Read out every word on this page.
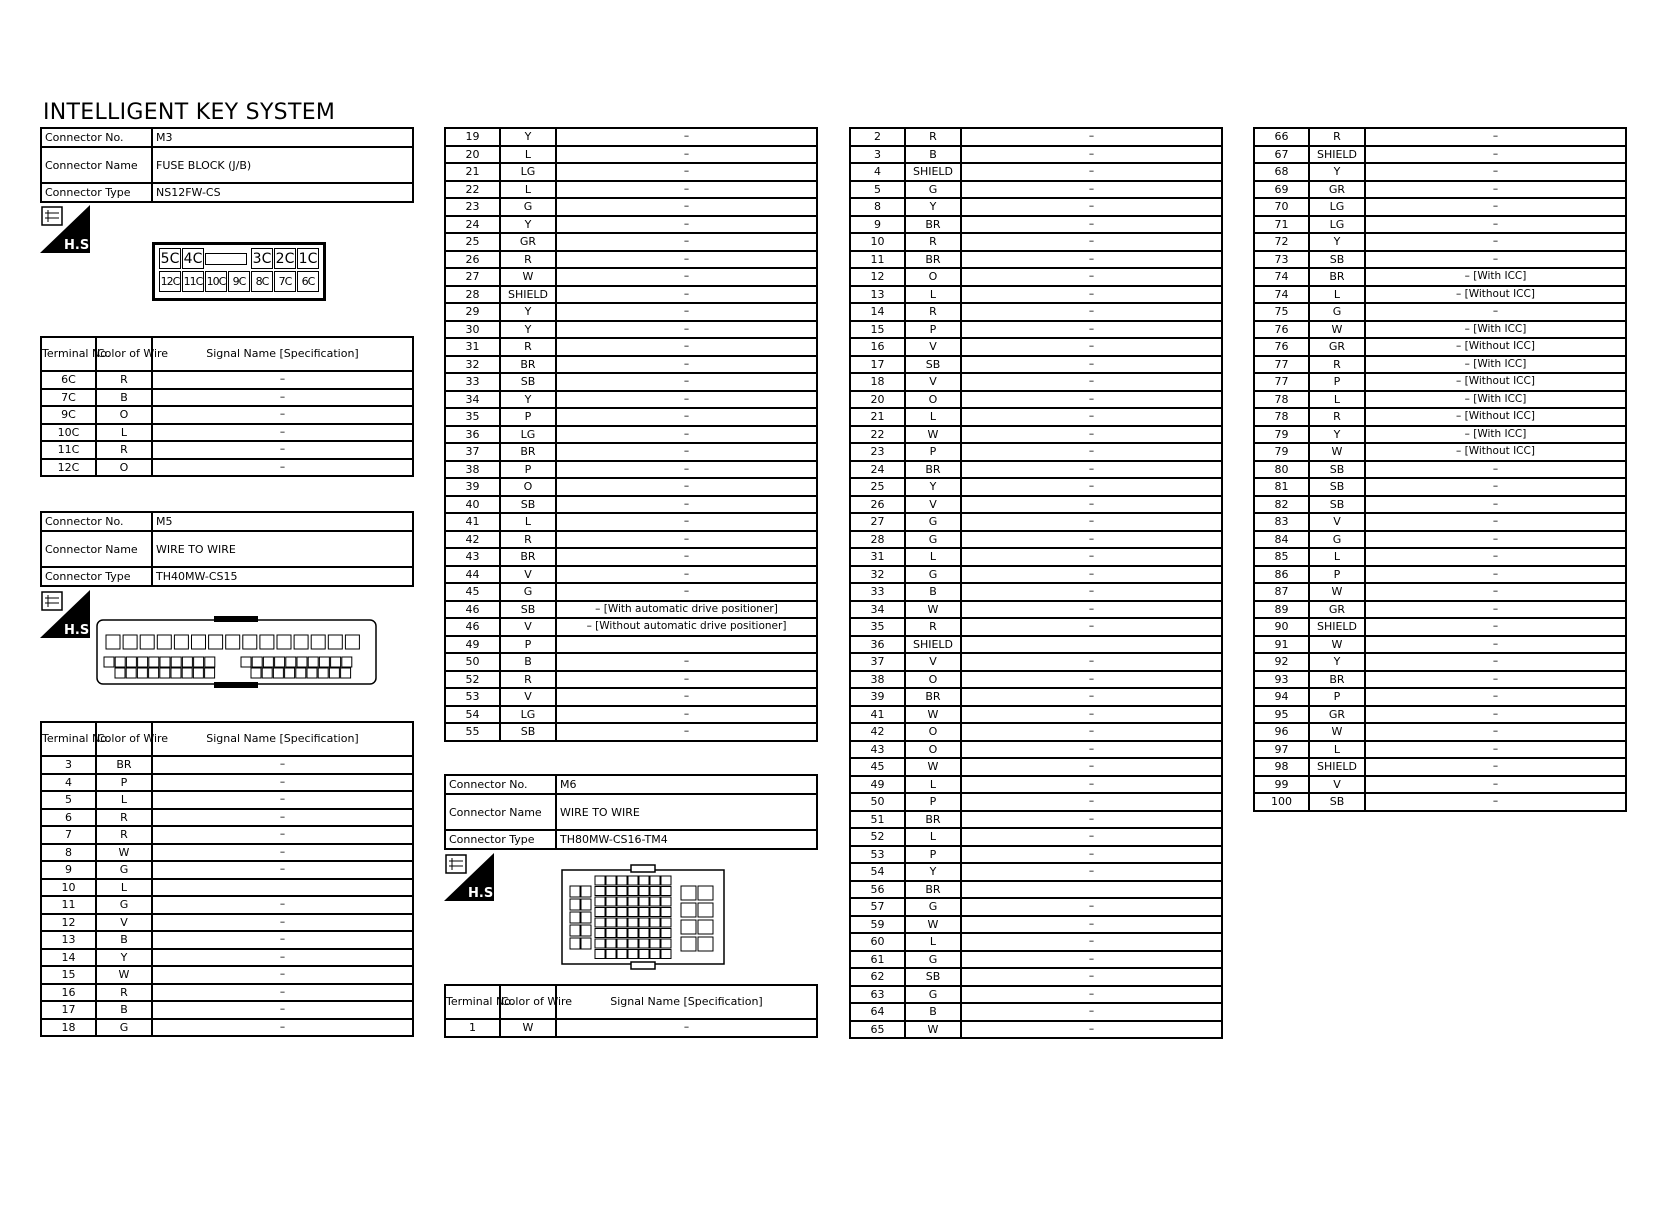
INTELLIGENT KEY SYSTEM
Connector No.	M3
Connector Name	FUSE BLOCK (J/B)
Connector Type	NS12FW-CS
H.S.
5C 4C	3C 2C 1C
12C 11C 10C 9C 8C 7C 6C
Terminal No.	Color of Wire	Signal Name [Specification]
6C	R	–
7C	B	–
9C	O	–
10C	L	–
11C	R	–
12C	O	–
Connector No.	M5
Connector Name	WIRE TO WIRE
Connector Type	TH40MW-CS15
H.S.
Terminal No.	Color of Wire	Signal Name [Specification]
3	BR	–
4	P	–
5	L	–
6	R	–
7	R	–
8	W	–
9	G	–
10	L	
11	G	–
12	V	–
13	B	–
14	Y	–
15	W	–
16	R	–
17	B	–
18	G	–
19	Y	–
20	L	–
21	LG	–
22	L	–
23	G	–
24	Y	–
25	GR	–
26	R	–
27	W	–
28	SHIELD	–
29	Y	–
30	Y	–
31	R	–
32	BR	–
33	SB	–
34	Y	–
35	P	–
36	LG	–
37	BR	–
38	P	–
39	O	–
40	SB	–
41	L	–
42	R	–
43	BR	–
44	V	–
45	G	–
46	SB	– [With automatic drive positioner]
46	V	– [Without automatic drive positioner]
49	P	
50	B	–
52	R	–
53	V	–
54	LG	–
55	SB	–
Connector No.	M6
Connector Name	WIRE TO WIRE
Connector Type	TH80MW-CS16-TM4
H.S.
Terminal No.	Color of Wire	Signal Name [Specification]
1	W	–
2	R	–
3	B	–
4	SHIELD	–
5	G	–
8	Y	–
9	BR	–
10	R	–
11	BR	–
12	O	–
13	L	–
14	R	–
15	P	–
16	V	–
17	SB	–
18	V	–
20	O	–
21	L	–
22	W	–
23	P	–
24	BR	–
25	Y	–
26	V	–
27	G	–
28	G	–
31	L	–
32	G	–
33	B	–
34	W	–
35	R	–
36	SHIELD	
37	V	–
38	O	–
39	BR	–
41	W	–
42	O	–
43	O	–
45	W	–
49	L	–
50	P	–
51	BR	–
52	L	–
53	P	–
54	Y	–
56	BR	
57	G	–
59	W	–
60	L	–
61	G	–
62	SB	–
63	G	–
64	B	–
65	W	–
66	R	–
67	SHIELD	–
68	Y	–
69	GR	–
70	LG	–
71	LG	–
72	Y	–
73	SB	–
74	BR	– [With ICC]
74	L	– [Without ICC]
75	G	–
76	W	– [With ICC]
76	GR	– [Without ICC]
77	R	– [With ICC]
77	P	– [Without ICC]
78	L	– [With ICC]
78	R	– [Without ICC]
79	Y	– [With ICC]
79	W	– [Without ICC]
80	SB	–
81	SB	–
82	SB	–
83	V	–
84	G	–
85	L	–
86	P	–
87	W	–
89	GR	–
90	SHIELD	–
91	W	–
92	Y	–
93	BR	–
94	P	–
95	GR	–
96	W	–
97	L	–
98	SHIELD	–
99	V	–
100	SB	–
